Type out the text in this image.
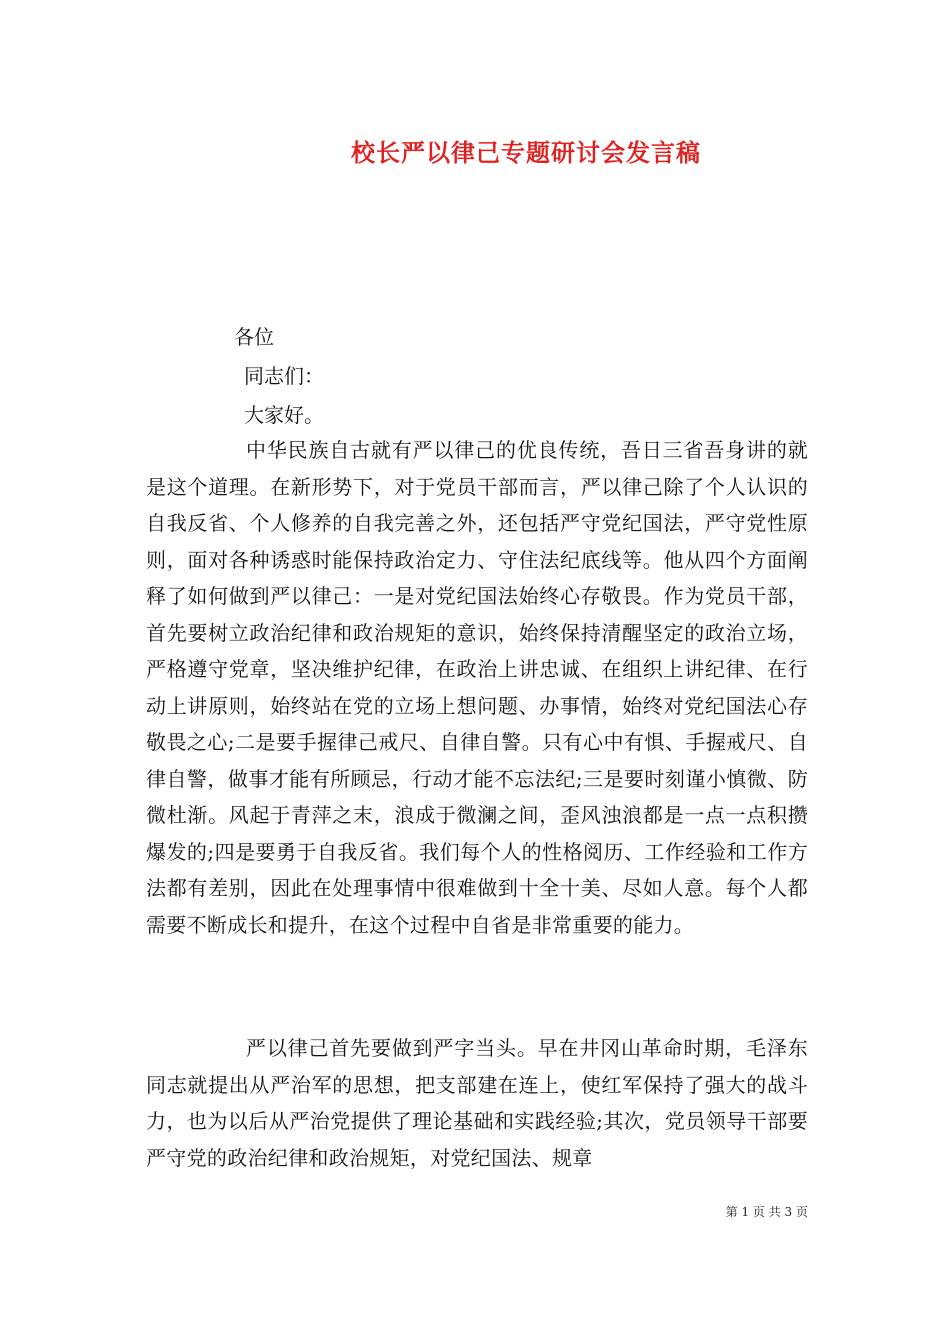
校长严以律己专题研讨会发言稿
各位
同志们：
大家好。

中华民族自古就有严以律己的优良传统，吾日三省吾身讲的就是这个道理。在新形势下，对于党员干部而言，严以律己除了个人认识的自我反省、个人修养的自我完善之外，还包括严守党纪国法，严守党性原则，面对各种诱惑时能保持政治定力、守住法纪底线等。他从四个方面阐释了如何做到严以律己：一是对党纪国法始终心存敬畏。作为党员干部，首先要树立政治纪律和政治规矩的意识，始终保持清醒坚定的政治立场，严格遵守党章，坚决维护纪律，在政治上讲忠诚、在组织上讲纪律、在行动上讲原则，始终站在党的立场上想问题、办事情，始终对党纪国法心存敬畏之心;二是要手握律己戒尺、自律自警。只有心中有惧、手握戒尺、自律自警，做事才能有所顾忌，行动才能不忘法纪;三是要时刻谨小慎微、防微杜渐。风起于青萍之末，浪成于微澜之间，歪风浊浪都是一点一点积攒爆发的;四是要勇于自我反省。我们每个人的性格阅历、工作经验和工作方法都有差别，因此在处理事情中很难做到十全十美、尽如人意。每个人都需要不断成长和提升，在这个过程中自省是非常重要的能力。

严以律己首先要做到严字当头。早在井冈山革命时期，毛泽东同志就提出从严治军的思想，把支部建在连上，使红军保持了强大的战斗力，也为以后从严治党提供了理论基础和实践经验;其次，党员领导干部要严守党的政治纪律和政治规矩，对党纪国法、规章

第 1 页 共 3 页
